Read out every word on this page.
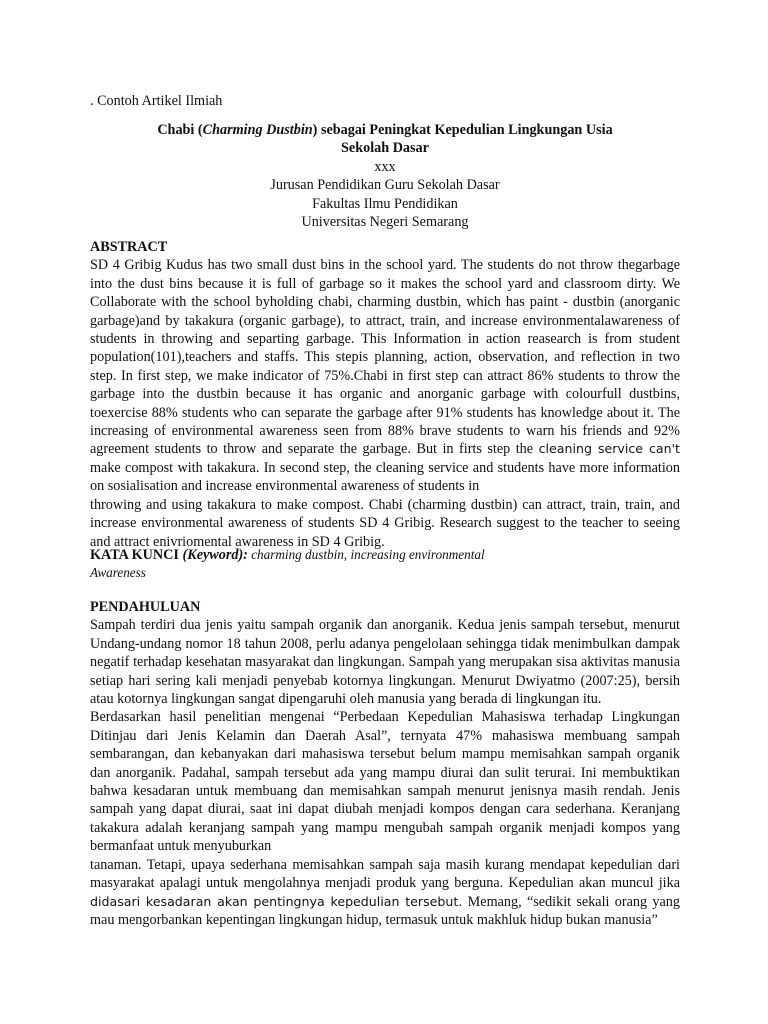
. Contoh Artikel Ilmiah
Chabi (Charming Dustbin) sebagai Peningkat Kepedulian Lingkungan Usia
Sekolah Dasar
xxx
Jurusan Pendidikan Guru Sekolah Dasar
Fakultas Ilmu Pendidikan
Universitas Negeri Semarang
ABSTRACT

SD 4 Gribig Kudus has two small dust bins in the school yard. The students do not throw thegarbage into the dust bins because it is full of garbage so it makes the school yard and classroom dirty. We Collaborate with the school byholding chabi, charming dustbin, which has paint - dustbin (anorganic garbage)and by takakura (organic garbage), to attract, train, and increase environmentalawareness of students in throwing and separting garbage. This Information in action reasearch is from student population(101),teachers and staffs. This stepis planning, action, observation, and reflection in two step. In first step, we make indicator of 75%.Chabi in first step can attract 86% students to throw the garbage into the dustbin because it has organic and anorganic garbage with colourfull dustbins, toexercise 88% students who can separate the garbage after 91% students has knowledge about it. The increasing of environmental awareness seen from 88% brave students to warn his friends and 92% agreement students to throw and separate the garbage. But in firts step the cleaning service can't make compost with takakura. In second step, the cleaning service and students have more information on sosialisation and increase environmental awareness of students in

throwing and using takakura to make compost. Chabi (charming dustbin) can attract, train, train, and increase environmental awareness of students SD 4 Gribig. Research suggest to the teacher to seeing and attract enivriomental awareness in SD 4 Gribig.

KATA KUNCI (Keyword): charming dustbin, increasing environmental
Awareness
PENDAHULUAN

Sampah terdiri dua jenis yaitu sampah organik dan anorganik. Kedua jenis sampah tersebut, menurut Undang-undang nomor 18 tahun 2008, perlu adanya pengelolaan sehingga tidak menimbulkan dampak negatif terhadap kesehatan masyarakat dan lingkungan. Sampah yang merupakan sisa aktivitas manusia setiap hari sering kali menjadi penyebab kotornya lingkungan. Menurut Dwiyatmo (2007:25), bersih atau kotornya lingkungan sangat dipengaruhi oleh manusia yang berada di lingkungan itu.

Berdasarkan hasil penelitian mengenai “Perbedaan Kepedulian Mahasiswa terhadap Lingkungan Ditinjau dari Jenis Kelamin dan Daerah Asal”, ternyata 47% mahasiswa membuang sampah sembarangan, dan kebanyakan dari mahasiswa tersebut belum mampu memisahkan sampah organik dan anorganik. Padahal, sampah tersebut ada yang mampu diurai dan sulit terurai. Ini membuktikan bahwa kesadaran untuk membuang dan memisahkan sampah menurut jenisnya masih rendah. Jenis sampah yang dapat diurai, saat ini dapat diubah menjadi kompos dengan cara sederhana. Keranjang takakura adalah keranjang sampah yang mampu mengubah sampah organik menjadi kompos yang bermanfaat untuk menyuburkan

tanaman. Tetapi, upaya sederhana memisahkan sampah saja masih kurang mendapat kepedulian dari masyarakat apalagi untuk mengolahnya menjadi produk yang berguna. Kepedulian akan muncul jika didasari kesadaran akan pentingnya kepedulian tersebut. Memang, “sedikit sekali orang yang mau mengorbankan kepentingan lingkungan hidup, termasuk untuk makhluk hidup bukan manusia”
